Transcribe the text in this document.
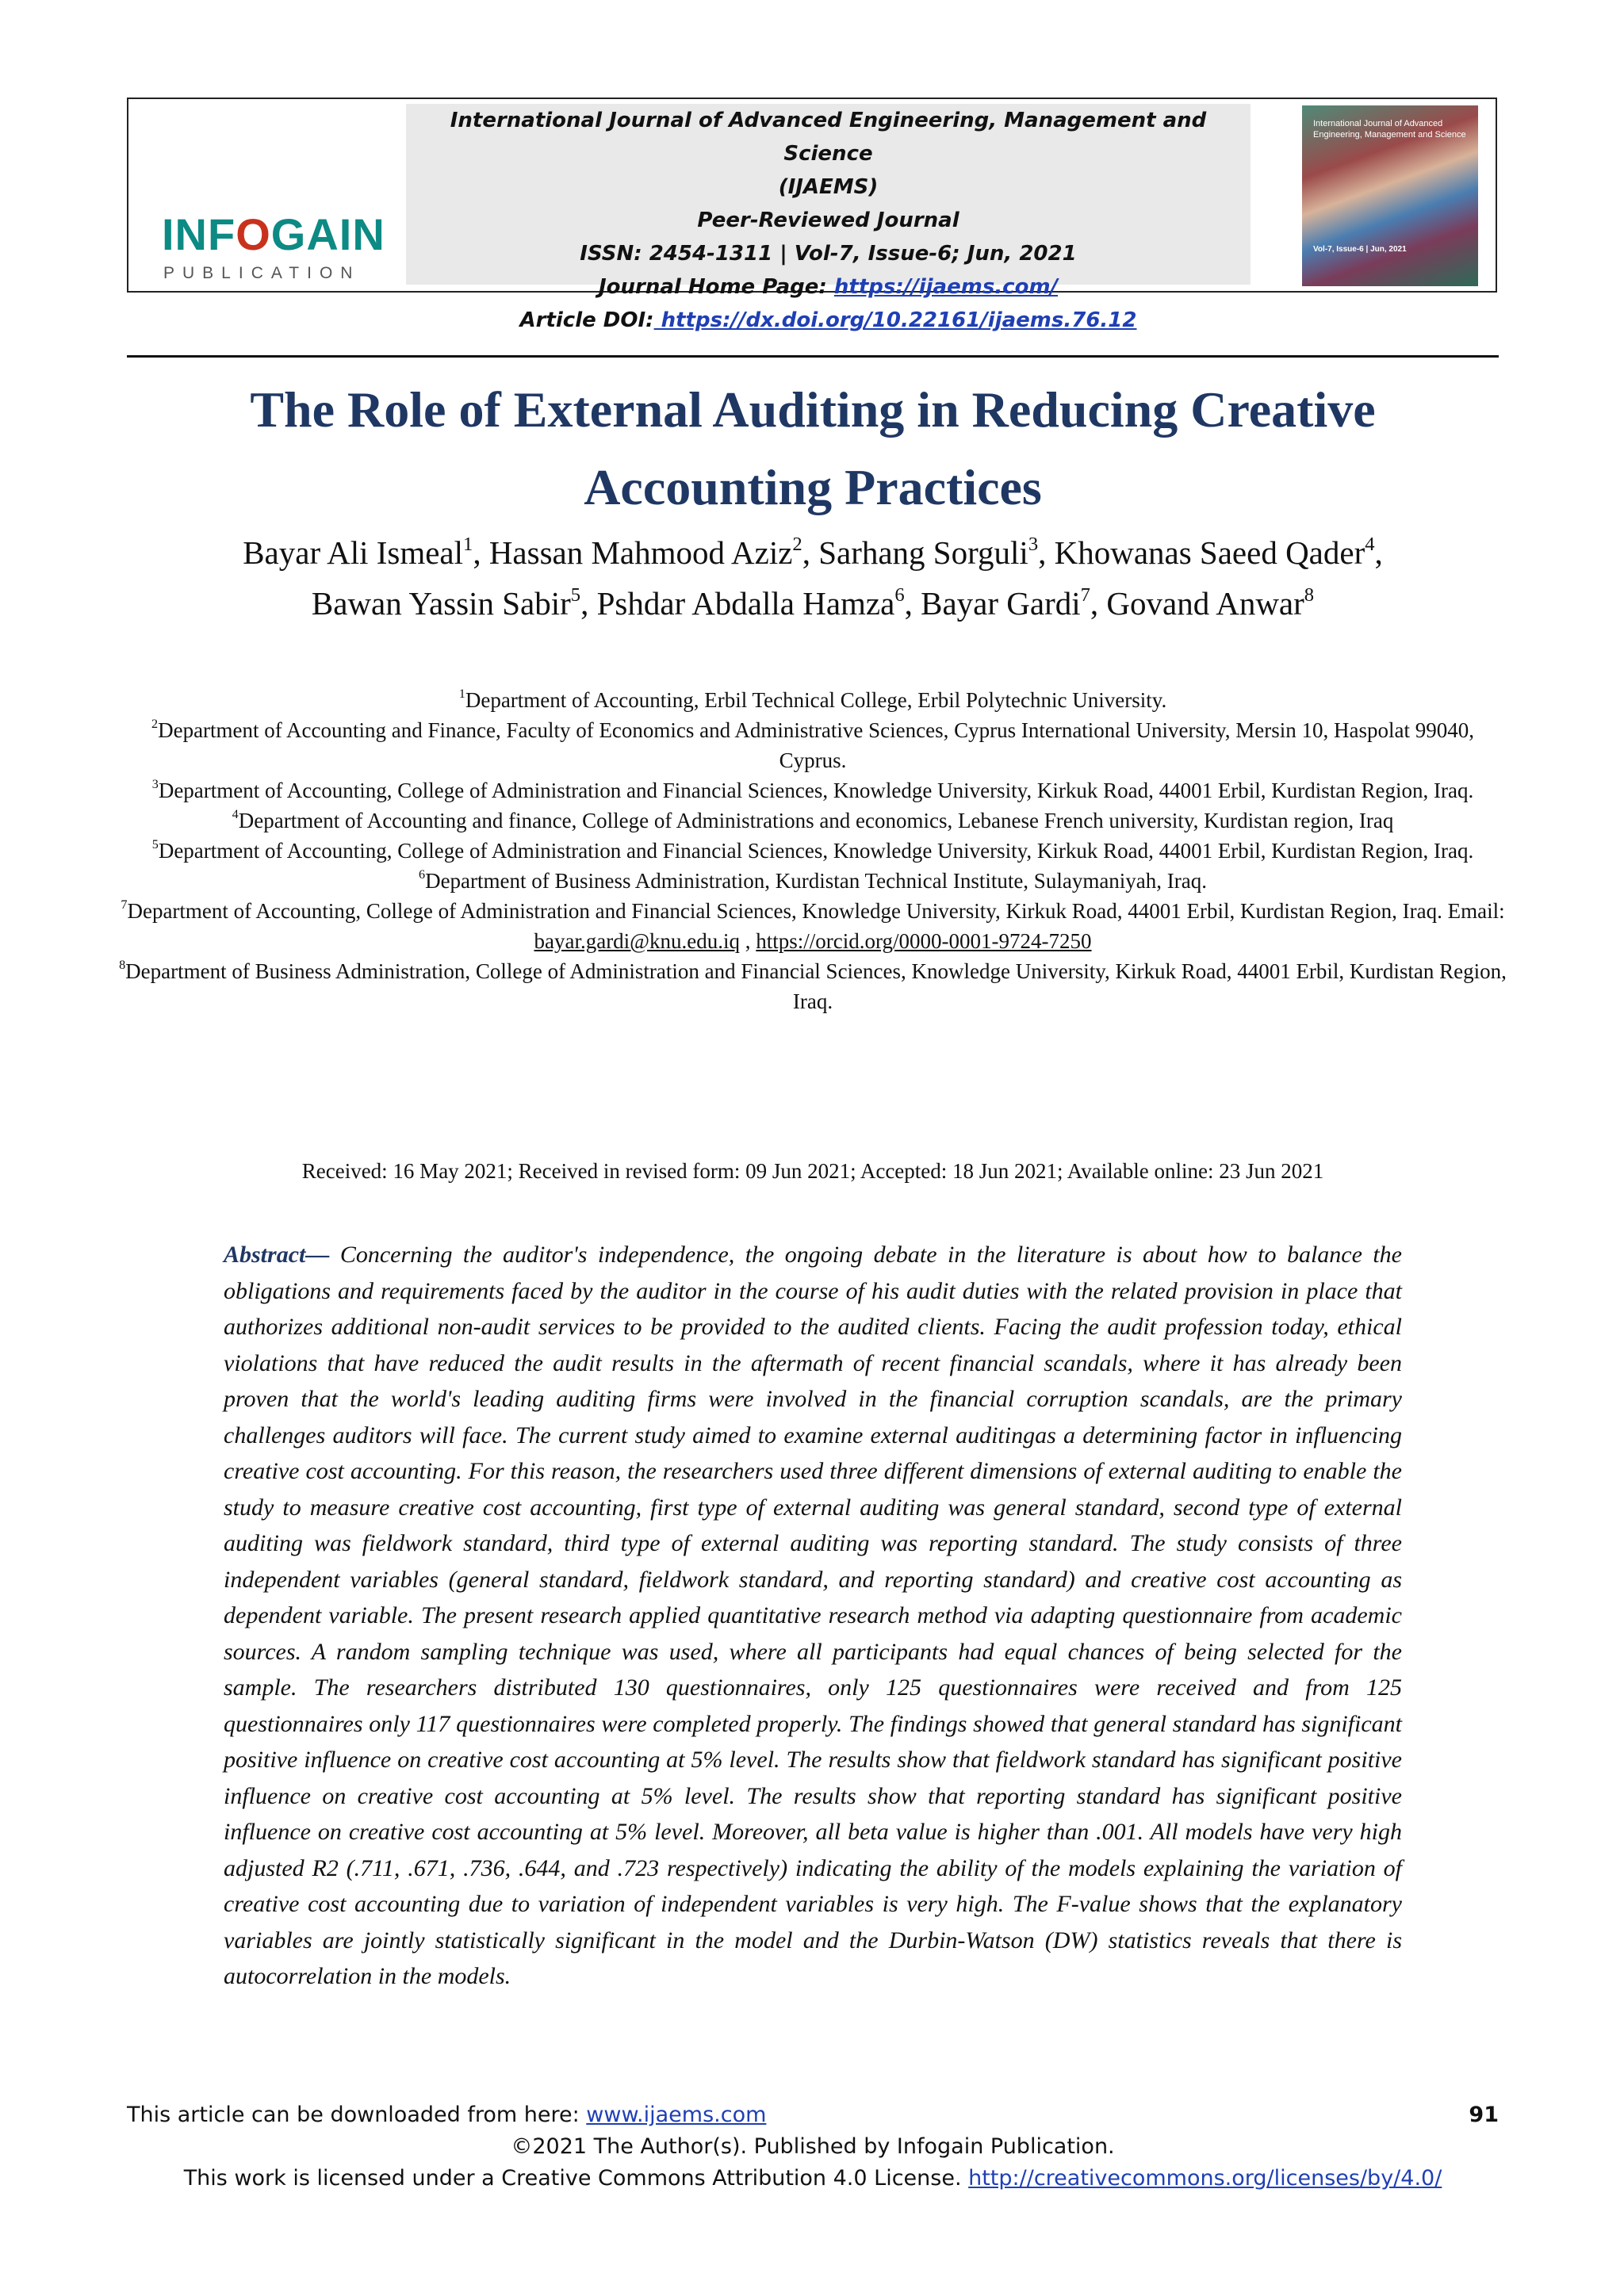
INFOGAIN
PUBLICATION
International Journal of Advanced Engineering, Management and Science
(IJAEMS)
Peer-Reviewed Journal
ISSN: 2454-1311 | Vol-7, Issue-6; Jun, 2021
Journal Home Page: https://ijaems.com/
Article DOI: https://dx.doi.org/10.22161/ijaems.76.12
International Journal of Advanced Engineering, Management and Science
Vol-7, Issue-6 | Jun, 2021
The Role of External Auditing in Reducing Creative Accounting Practices
Bayar Ali Ismeal$^1$, Hassan Mahmood Aziz$^2$, Sarhang Sorguli$^3$, Khowanas Saeed Qader$^4$,
Bawan Yassin Sabir$^5$, Pshdar Abdalla Hamza$^6$, Bayar Gardi$^7$, Govand Anwar$^8$
$^1$Department of Accounting, Erbil Technical College, Erbil Polytechnic University.
$^2$Department of Accounting and Finance, Faculty of Economics and Administrative Sciences, Cyprus International University, Mersin 10, Haspolat 99040, Cyprus.
$^3$Department of Accounting, College of Administration and Financial Sciences, Knowledge University, Kirkuk Road, 44001 Erbil, Kurdistan Region, Iraq.
$^4$Department of Accounting and finance, College of Administrations and economics, Lebanese French university, Kurdistan region, Iraq
$^5$Department of Accounting, College of Administration and Financial Sciences, Knowledge University, Kirkuk Road, 44001 Erbil, Kurdistan Region, Iraq.
$^6$Department of Business Administration, Kurdistan Technical Institute, Sulaymaniyah, Iraq.
$^7$Department of Accounting, College of Administration and Financial Sciences, Knowledge University, Kirkuk Road, 44001 Erbil, Kurdistan Region, Iraq. Email: bayar.gardi@knu.edu.iq , https://orcid.org/0000-0001-9724-7250
$^8$Department of Business Administration, College of Administration and Financial Sciences, Knowledge University, Kirkuk Road, 44001 Erbil, Kurdistan Region, Iraq.
Received: 16 May 2021; Received in revised form: 09 Jun 2021; Accepted: 18 Jun 2021; Available online: 23 Jun 2021
Abstract— Concerning the auditor's independence, the ongoing debate in the literature is about how to balance the obligations and requirements faced by the auditor in the course of his audit duties with the related provision in place that authorizes additional non-audit services to be provided to the audited clients. Facing the audit profession today, ethical violations that have reduced the audit results in the aftermath of recent financial scandals, where it has already been proven that the world's leading auditing firms were involved in the financial corruption scandals, are the primary challenges auditors will face. The current study aimed to examine external auditingas a determining factor in influencing creative cost accounting. For this reason, the researchers used three different dimensions of external auditing to enable the study to measure creative cost accounting, first type of external auditing was general standard, second type of external auditing was fieldwork standard, third type of external auditing was reporting standard. The study consists of three independent variables (general standard, fieldwork standard, and reporting standard) and creative cost accounting as dependent variable. The present research applied quantitative research method via adapting questionnaire from academic sources. A random sampling technique was used, where all participants had equal chances of being selected for the sample. The researchers distributed 130 questionnaires, only 125 questionnaires were received and from 125 questionnaires only 117 questionnaires were completed properly. The findings showed that general standard has significant positive influence on creative cost accounting at 5% level. The results show that fieldwork standard has significant positive influence on creative cost accounting at 5% level. The results show that reporting standard has significant positive influence on creative cost accounting at 5% level. Moreover, all beta value is higher than .001. All models have very high adjusted R2 (.711, .671, .736, .644, and .723 respectively) indicating the ability of the models explaining the variation of creative cost accounting due to variation of independent variables is very high. The F-value shows that the explanatory variables are jointly statistically significant in the model and the Durbin-Watson (DW) statistics reveals that there is autocorrelation in the models.
This article can be downloaded from here: www.ijaems.com	91
©2021 The Author(s). Published by Infogain Publication.
This work is licensed under a Creative Commons Attribution 4.0 License. http://creativecommons.org/licenses/by/4.0/
